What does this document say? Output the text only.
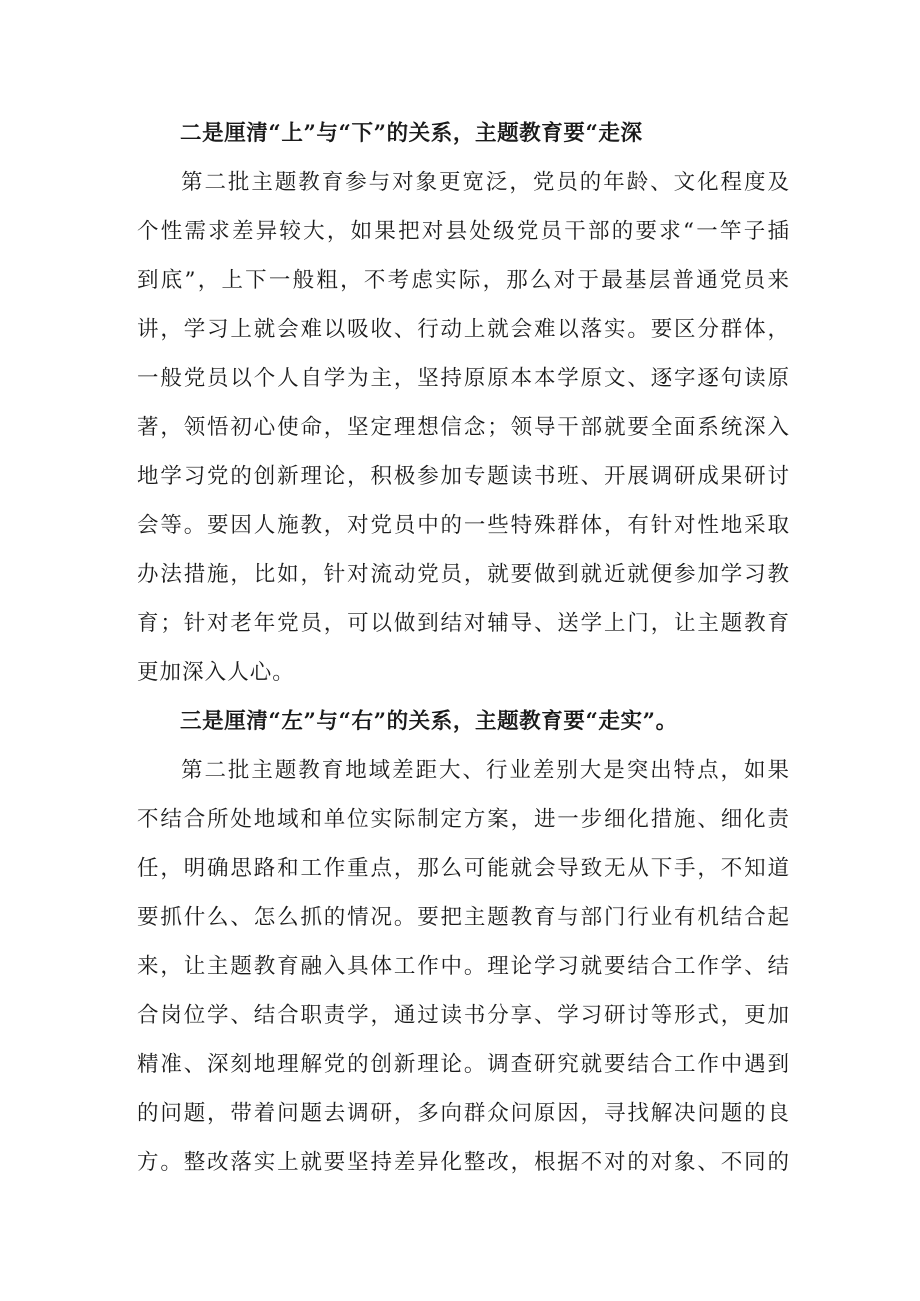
二是厘清“上”与“下”的关系，主题教育要“走深

第二批主题教育参与对象更宽泛，党员的年龄、文化程度及
个性需求差异较大，如果把对县处级党员干部的要求“一竿子插
到底”，上下一般粗，不考虑实际，那么对于最基层普通党员来
讲，学习上就会难以吸收、行动上就会难以落实。要区分群体，
一般党员以个人自学为主，坚持原原本本学原文、逐字逐句读原
著，领悟初心使命，坚定理想信念；领导干部就要全面系统深入
地学习党的创新理论，积极参加专题读书班、开展调研成果研讨
会等。要因人施教，对党员中的一些特殊群体，有针对性地采取
办法措施，比如，针对流动党员，就要做到就近就便参加学习教
育；针对老年党员，可以做到结对辅导、送学上门，让主题教育
更加深入人心。

三是厘清“左”与“右”的关系，主题教育要“走实”。

第二批主题教育地域差距大、行业差别大是突出特点，如果
不结合所处地域和单位实际制定方案，进一步细化措施、细化责
任，明确思路和工作重点，那么可能就会导致无从下手，不知道
要抓什么、怎么抓的情况。要把主题教育与部门行业有机结合起
来，让主题教育融入具体工作中。理论学习就要结合工作学、结
合岗位学、结合职责学，通过读书分享、学习研讨等形式，更加
精准、深刻地理解党的创新理论。调查研究就要结合工作中遇到
的问题，带着问题去调研，多向群众问原因，寻找解决问题的良
方。整改落实上就要坚持差异化整改，根据不对的对象、不同的
